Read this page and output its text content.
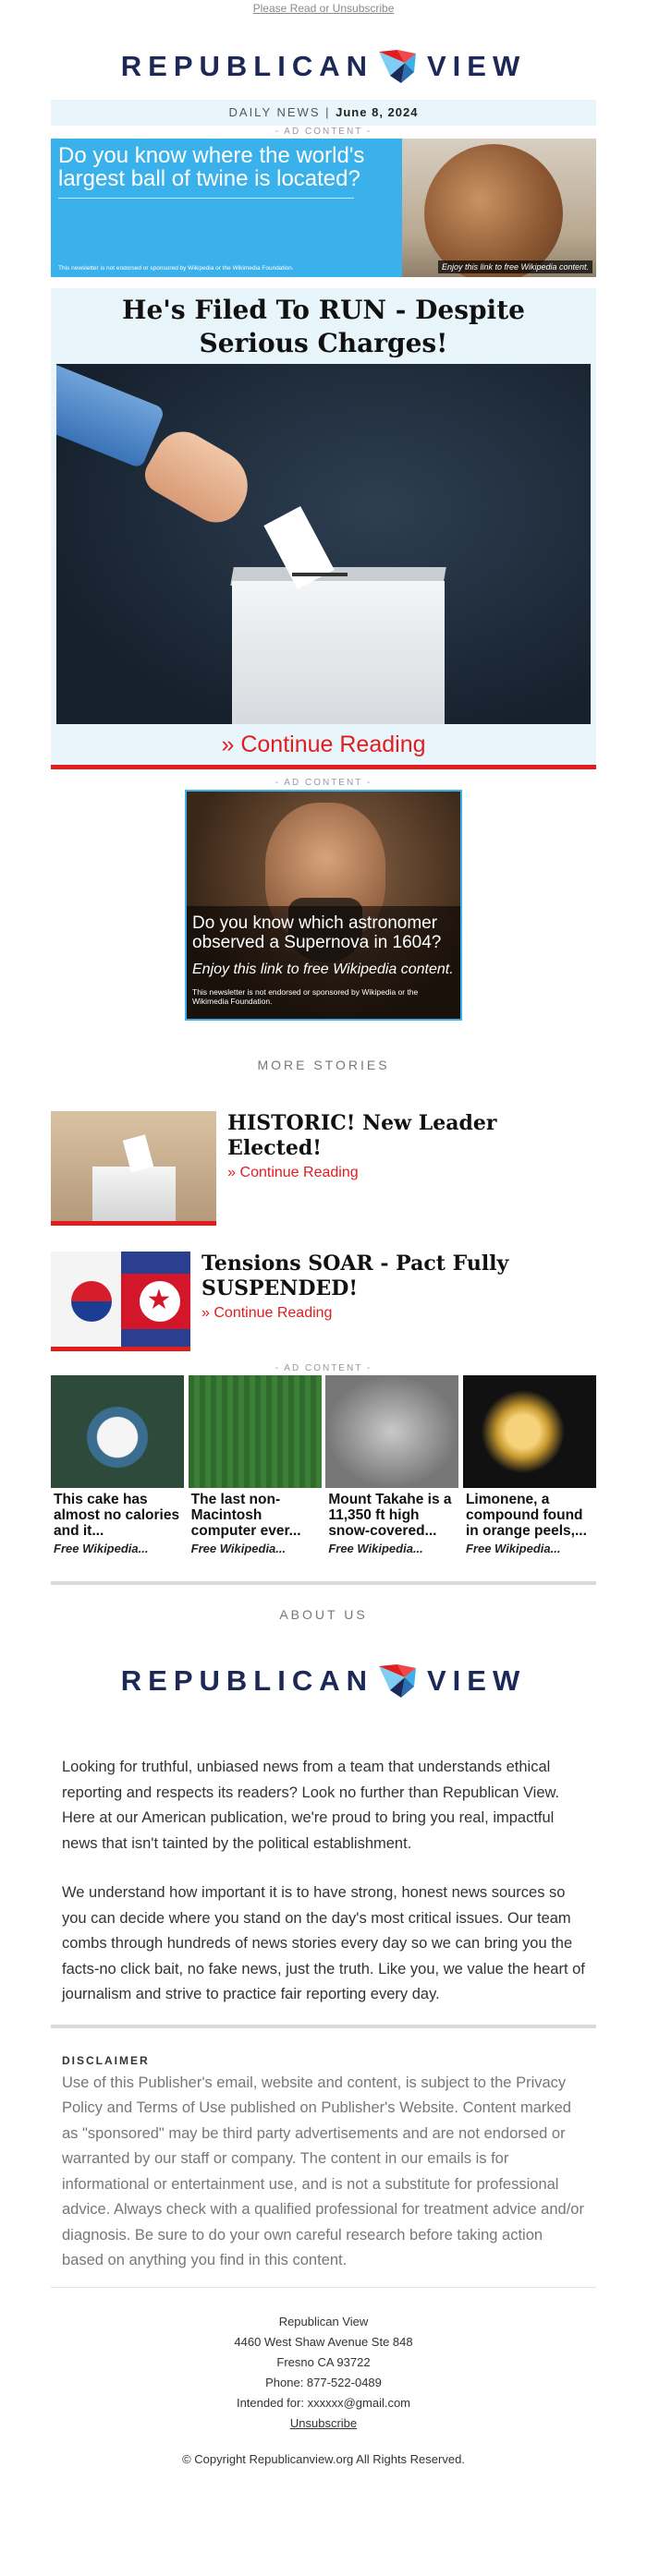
Please Read or Unsubscribe
REPUBLICAN VIEW
DAILY NEWS | June 8, 2024
- AD CONTENT -
Do you know where the world's largest ball of twine is located?
This newsletter is not endorsed or sponsored by Wikipedia or the Wikimedia Foundation.	Enjoy this link to free Wikipedia content.
He's Filed To RUN - Despite Serious Charges!
» Continue Reading
- AD CONTENT -
Do you know which astronomer observed a Supernova in 1604?
Enjoy this link to free Wikipedia content.
This newsletter is not endorsed or sponsored by Wikipedia or the Wikimedia Foundation.
MORE STORIES
HISTORIC! New Leader Elected!
» Continue Reading
★
Tensions SOAR - Pact Fully SUSPENDED!
» Continue Reading
- AD CONTENT -
This cake has almost no calories and it...
Free Wikipedia...
The last non-Macintosh computer ever...
Free Wikipedia...
Mount Takahe is a 11,350 ft high snow-covered...
Free Wikipedia...
Limonene, a compound found in orange peels,...
Free Wikipedia...
ABOUT US
REPUBLICAN VIEW

Looking for truthful, unbiased news from a team that understands ethical reporting and respects its readers? Look no further than Republican View. Here at our American publication, we're proud to bring you real, impactful news that isn't tainted by the political establishment.

We understand how important it is to have strong, honest news sources so you can decide where you stand on the day's most critical issues. Our team combs through hundreds of news stories every day so we can bring you the facts-no click bait, no fake news, just the truth. Like you, we value the heart of journalism and strive to practice fair reporting every day.

DISCLAIMER

Use of this Publisher's email, website and content, is subject to the Privacy Policy and Terms of Use published on Publisher's Website. Content marked as "sponsored" may be third party advertisements and are not endorsed or warranted by our staff or company. The content in our emails is for informational or entertainment use, and is not a substitute for professional advice. Always check with a qualified professional for treatment advice and/or diagnosis. Be sure to do your own careful research before taking action based on anything you find in this content.

Republican View
4460 West Shaw Avenue Ste 848
Fresno CA 93722
Phone: 877-522-0489
Intended for: xxxxxx@gmail.com
Unsubscribe
© Copyright Republicanview.org All Rights Reserved.
